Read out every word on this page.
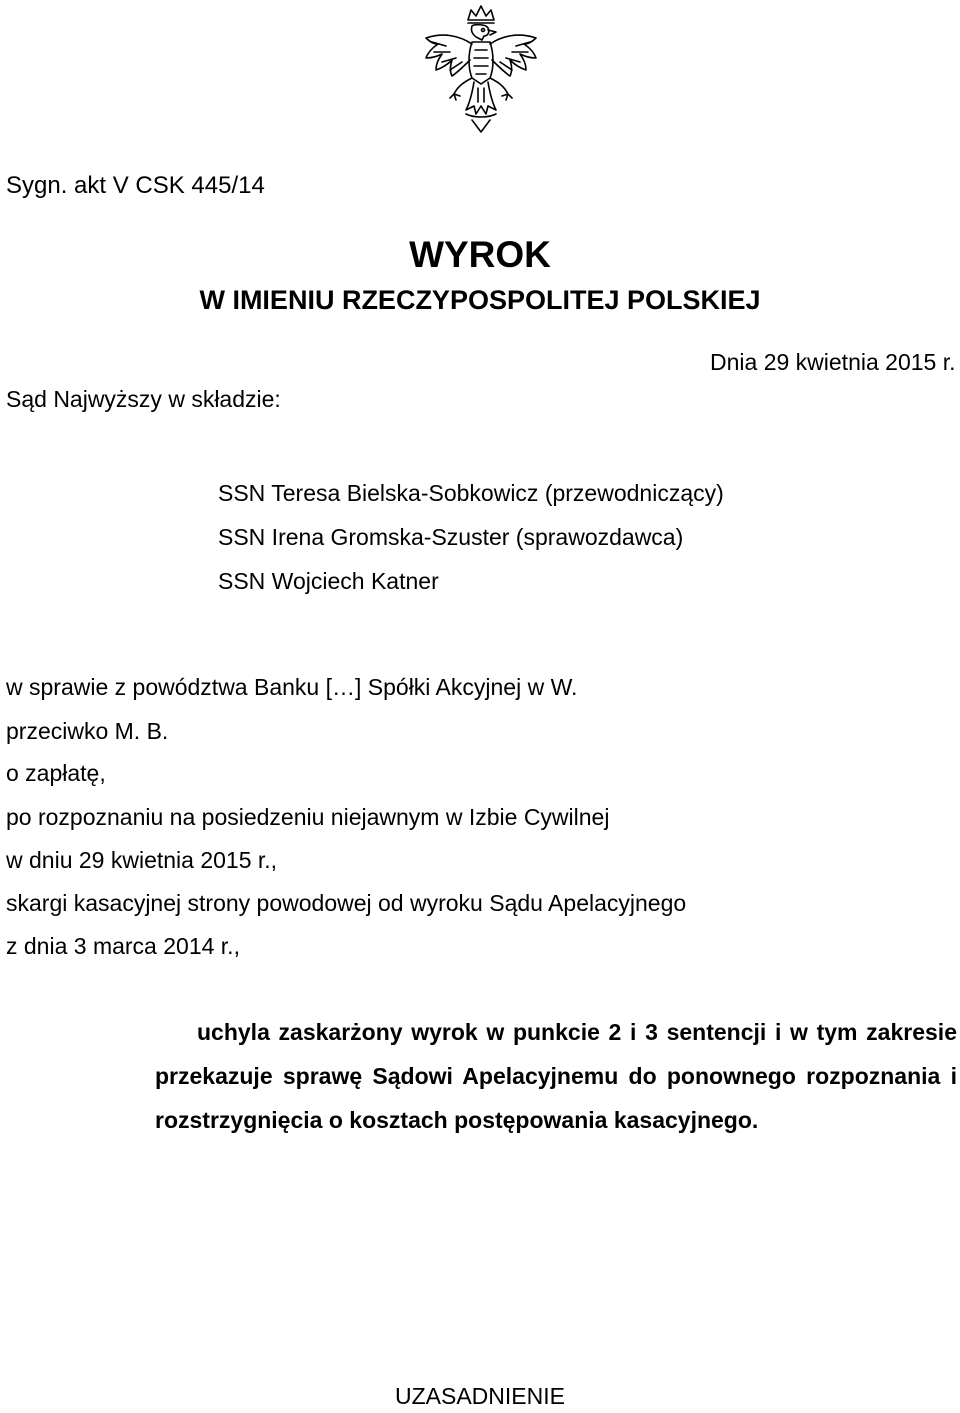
Sygn. akt V CSK 445/14
WYROK
W IMIENIU RZECZYPOSPOLITEJ POLSKIEJ
Dnia 29 kwietnia 2015 r.
Sąd Najwyższy w składzie:
SSN Teresa Bielska-Sobkowicz (przewodniczący)
SSN Irena Gromska-Szuster (sprawozdawca)
SSN Wojciech Katner
w sprawie z powództwa Banku […] Spółki Akcyjnej w W.
przeciwko M. B.
o zapłatę,
po rozpoznaniu na posiedzeniu niejawnym w Izbie Cywilnej
w dniu 29 kwietnia 2015 r.,
skargi kasacyjnej strony powodowej od wyroku Sądu Apelacyjnego
z dnia 3 marca 2014 r.,
uchyla zaskarżony wyrok w punkcie 2 i 3 sentencji i w tym zakresie przekazuje sprawę Sądowi Apelacyjnemu do ponownego rozpoznania i rozstrzygnięcia o kosztach postępowania kasacyjnego.
UZASADNIENIE
